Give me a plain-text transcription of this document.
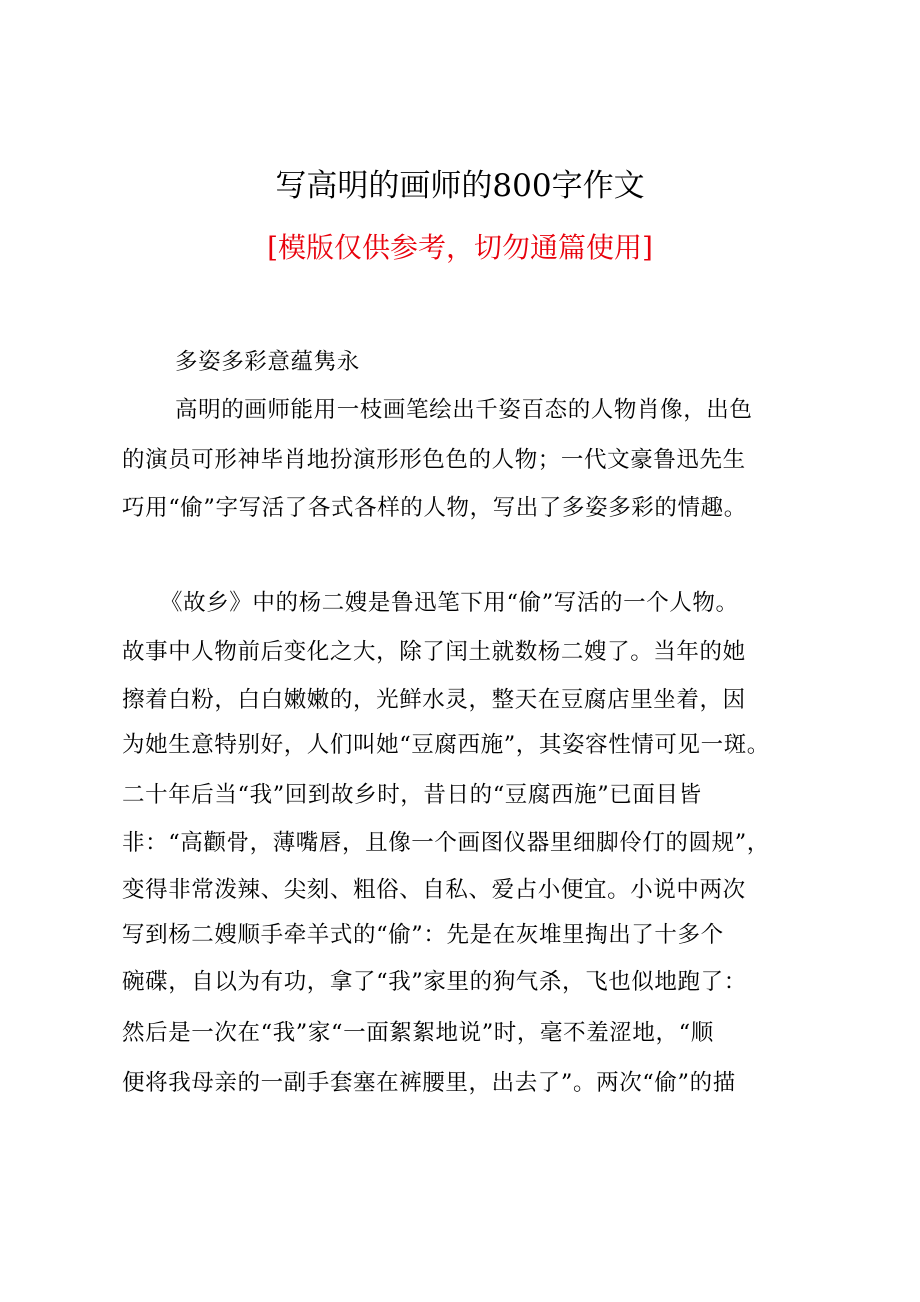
写高明的画师的800字作文
[模版仅供参考，切勿通篇使用]
多姿多彩意蕴隽永
高明的画师能用一枝画笔绘出千姿百态的人物肖像，出色
的演员可形神毕肖地扮演形形色色的人物；一代文豪鲁迅先生
巧用“偷”字写活了各式各样的人物，写出了多姿多彩的情趣。
《故乡》中的杨二嫂是鲁迅笔下用“偷”写活的一个人物。
故事中人物前后变化之大，除了闰土就数杨二嫂了。当年的她
擦着白粉，白白嫩嫩的，光鲜水灵，整天在豆腐店里坐着，因
为她生意特别好，人们叫她“豆腐西施”，其姿容性情可见一斑。
二十年后当“我”回到故乡时，昔日的“豆腐西施”已面目皆
非：“高颧骨，薄嘴唇，且像一个画图仪器里细脚伶仃的圆规”，
变得非常泼辣、尖刻、粗俗、自私、爱占小便宜。小说中两次
写到杨二嫂顺手牵羊式的“偷”：先是在灰堆里掏出了十多个
碗碟，自以为有功，拿了“我”家里的狗气杀，飞也似地跑了：
然后是一次在“我”家“一面絮絮地说”时，毫不羞涩地，“顺
便将我母亲的一副手套塞在裤腰里，出去了”。两次“偷”的描
